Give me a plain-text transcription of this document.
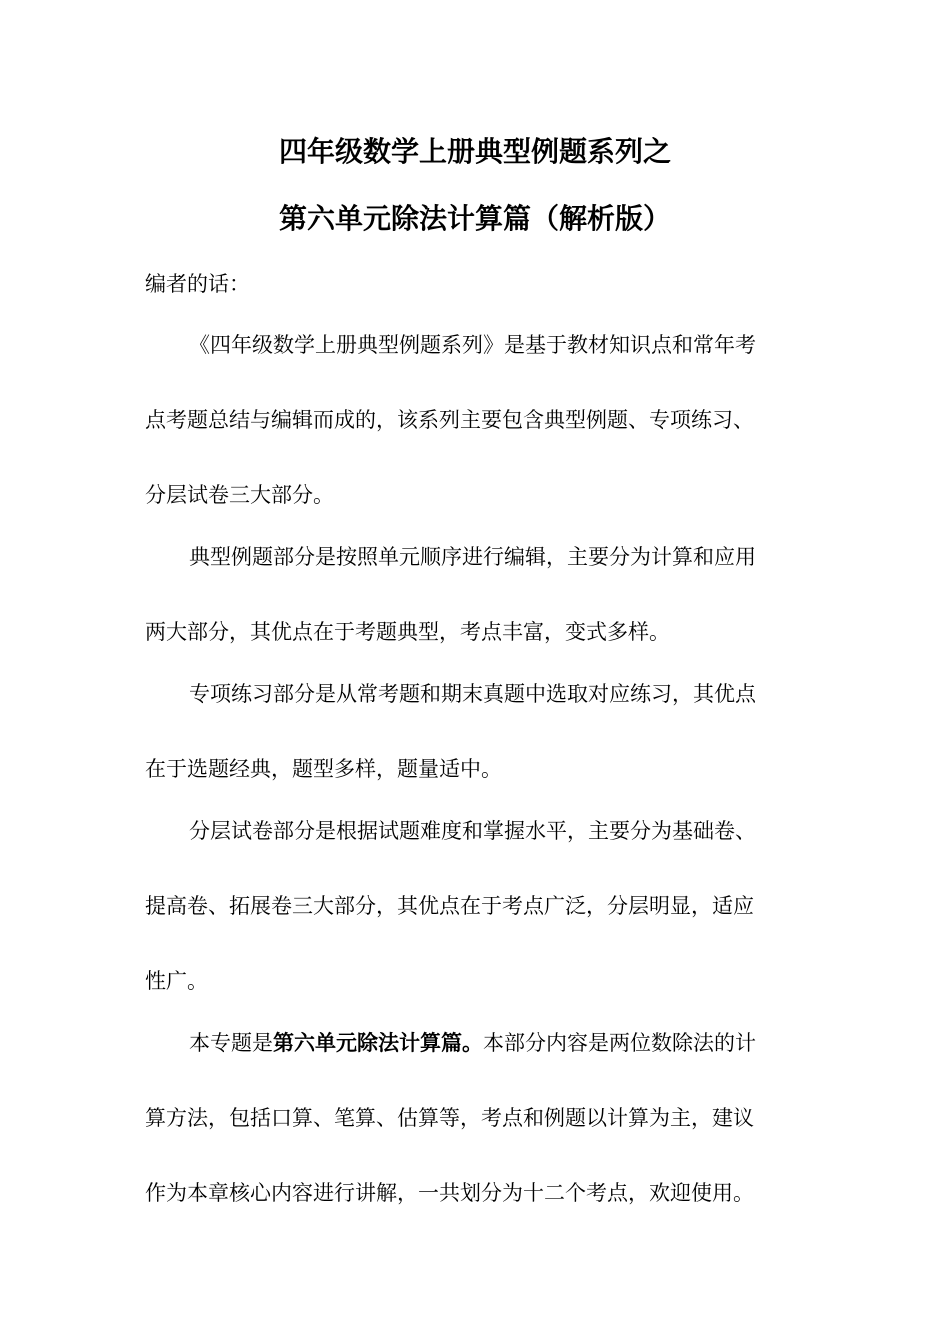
四年级数学上册典型例题系列之
第六单元除法计算篇（解析版）
编者的话：
《四年级数学上册典型例题系列》是基于教材知识点和常年考
点考题总结与编辑而成的，该系列主要包含典型例题、专项练习、
分层试卷三大部分。
典型例题部分是按照单元顺序进行编辑，主要分为计算和应用
两大部分，其优点在于考题典型，考点丰富，变式多样。
专项练习部分是从常考题和期末真题中选取对应练习，其优点
在于选题经典，题型多样，题量适中。
分层试卷部分是根据试题难度和掌握水平，主要分为基础卷、
提高卷、拓展卷三大部分，其优点在于考点广泛，分层明显，适应
性广。
本专题是第六单元除法计算篇。本部分内容是两位数除法的计
算方法，包括口算、笔算、估算等，考点和例题以计算为主，建议
作为本章核心内容进行讲解，一共划分为十二个考点，欢迎使用。
